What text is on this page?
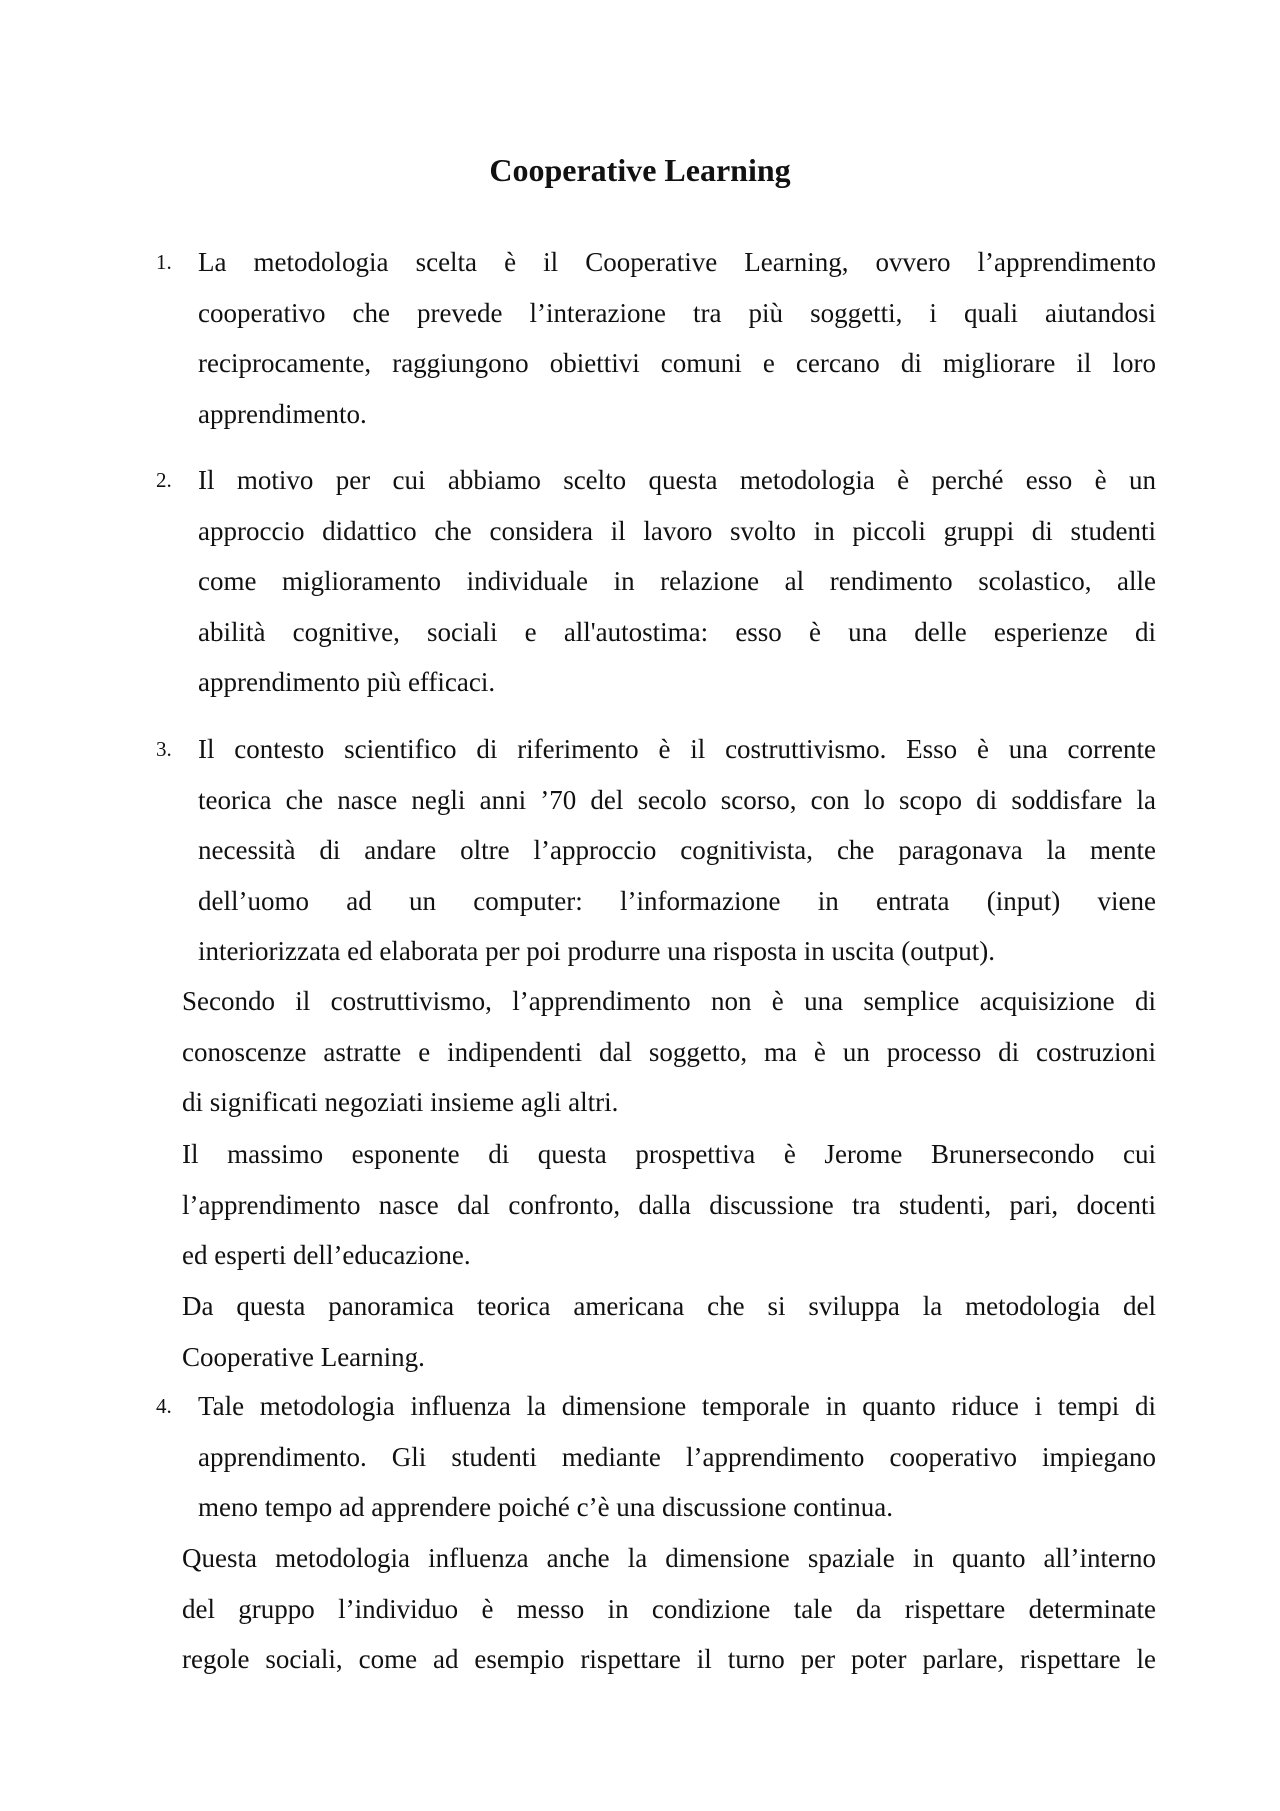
Cooperative Learning
1. La metodologia scelta è il Cooperative Learning, ovvero l’apprendimento
cooperativo che prevede l’interazione tra più soggetti, i quali aiutandosi
reciprocamente, raggiungono obiettivi comuni e cercano di migliorare il loro
apprendimento.
2. Il motivo per cui abbiamo scelto questa metodologia è perché esso è un
approccio didattico che considera il lavoro svolto in piccoli gruppi di studenti
come miglioramento individuale in relazione al rendimento scolastico, alle
abilità cognitive, sociali e all'autostima: esso è una delle esperienze di
apprendimento più efficaci.
3. Il contesto scientifico di riferimento è il costruttivismo. Esso è una corrente
teorica che nasce negli anni ’70 del secolo scorso, con lo scopo di soddisfare la
necessità di andare oltre l’approccio cognitivista, che paragonava la mente
dell’uomo ad un computer: l’informazione in entrata (input) viene
interiorizzata ed elaborata per poi produrre una risposta in uscita (output).
Secondo il costruttivismo, l’apprendimento non è una semplice acquisizione di
conoscenze astratte e indipendenti dal soggetto, ma è un processo di costruzioni
di significati negoziati insieme agli altri.
Il massimo esponente di questa prospettiva è Jerome Brunersecondo cui
l’apprendimento nasce dal confronto, dalla discussione tra studenti, pari, docenti
ed esperti dell’educazione.
Da questa panoramica teorica americana che si sviluppa la metodologia del
Cooperative Learning.
4. Tale metodologia influenza la dimensione temporale in quanto riduce i tempi di
apprendimento. Gli studenti mediante l’apprendimento cooperativo impiegano
meno tempo ad apprendere poiché c’è una discussione continua.
Questa metodologia influenza anche la dimensione spaziale in quanto all’interno
del gruppo l’individuo è messo in condizione tale da rispettare determinate
regole sociali, come ad esempio rispettare il turno per poter parlare, rispettare le
